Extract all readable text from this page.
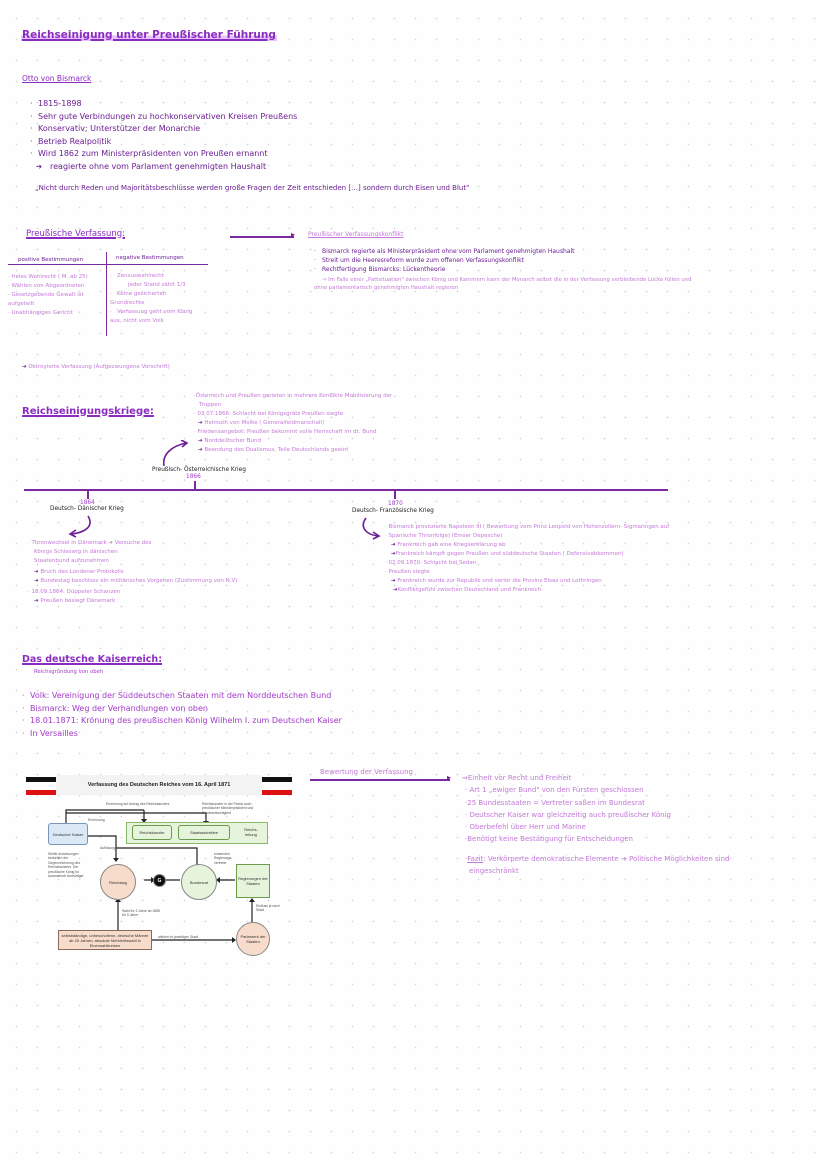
Reichseinigung unter Preußischer Führung
Otto von Bismarck
· 1815-1898
· Sehr gute Verbindungen zu hochkonservativen Kreisen Preußens
· Konservativ; Unterstützer der Monarchie
· Betrieb Realpolitik
· Wird 1862 zum Ministerpräsidenten von Preußen ernannt
➔ reagierte ohne vom Parlament genehmigten Haushalt
„Nicht durch Reden und Majoritätsbeschlüsse werden große Fragen der Zeit entschieden […] sondern durch Eisen und Blut"
Preußische Verfassung:
positive Bestimmungen	negative Bestimmungen
· freies Wahlrecht ( M. ab 25)
· Wählen von Abgeordneten
· Gesetzgebende Gewalt ist aufgeteilt
· Unabhängiges Gericht
·   Zensuswahlrecht
jeder Stand zählt 1/3
·   Keine gesicherten Grundrechte
·   Verfassung geht vom König aus, nicht vom Volk
➔ Oktroyierte Verfassung (Aufgezwungene Vorschrift)
▸ Preußischer Verfassungskonflikt
· Bismarck regierte als Ministerpräsident ohne vom Parlament genehmigten Haushalt
· Streit um die Heeresreform wurde zum offenen Verfassungskonflikt
· Rechtfertigung Bismarcks: Lückentheorie
⇒ Im Falle einer „Pattsituation" zwischen König und Kammern kann der Monarch selbst die in der Verfassung verbleibende Lücke füllen und
ohne parlamentarisch genehmigten Haushalt regieren
Reichseinigungskriege:
·Österreich und Preußen gerieten in mehrere Konflikte Mobilisierung der
Truppen
· 03.07.1866: Schlacht bei Königsgrätz Preußen siegte
➔ Helmuth von Molke ( Generalfeldmarschall)
· Friedensangebot: Preußen bekommt volle Herrschaft im dt. Bund
➔ Norddeutscher Bund
➔ Beendung des Dualismus, Teile Deutschlands geeint
Preußisch- Österreichische Krieg
1866
1864
Deutsch- Dänischer Krieg
· Thronwechsel in Dänemark ➔ Versuche des
Königs Schleswig in dänischen
Staatenbund aufzunehmen
➔ Bruch des Londoner Protokolls
➔ Bundestag beschloss ein militärisches Vorgehen (Zustimmung von N.V)
· 18.09.1864: Düppeler Schanzen
➔ Preußen besiegt Dänemark
1870
Deutsch- Französische Krieg
· Bismarck provozierte Napoleon III ( Bewerbung vom Prinz Leopold von Hohenzollern- Sigmaringen auf
· Spanische Thronfolge) (Emser Depesche)
➔ Frankreich gab eine Kriegserklärung ab
➔Frankreich kämpft gegen Preußen und süddeutsche Staaten ( Defensivabkommen)
· 02.09.1870: Schlacht bei Sedan
· Preußen siegte
➔ Frankreich wurde zur Republik und verlor die Provinz Elsas und Lothringen
➔Konfliktgefühl zwischen Deutschland und Frankreich
Das deutsche Kaiserreich:
Reichsgründung von oben
· Volk: Vereinigung der Süddeutschen Staaten mit dem Norddeutschen Bund
· Bismarck: Weg der Verhandlungen von oben
· 18.01.1871: Krönung des preußischen König Wilhelm I. zum Deutschen Kaiser
· In Versailles
Verfassung des Deutschen Reiches vom 16. April 1871
Ernennung auf Antrag des Reichskanzlers	Reichskanzler in der Praxis auch preußischer Ministerpräsident und Bundesratsmitglied
Ernennung
Deutscher Kaiser	Reichskanzler	Staatssekretäre
Reichs-leitung
Auflösung
Stellte Anweisungen bedurften der Gegenzeichnung des Reichskanzlers. Der preußische König ist automatisch Amtsträger
entsenden Regierungs-vertreter
Reichstag	G	Bundesrat
Regierungen der Staaten
Wahl für 3 Jahre ab 1888 für 5 Jahre
Einfluss je nach Staat
selbstständige, unbescholtene, deutsche Männer ab 25 Jahren; absolute Mehrheitswahl in Einerwahlkreisen
wählen im jeweiligen Staat	Parlament der Staaten
Bewertung der Verfassung
▸ ⇒Einheit vor Recht und Freiheit
· Art 1 „ewiger Bund" von den Fürsten geschlossen
·25 Bundesstaaten = Vertreter saßen im Bundesrat
· Deutscher Kaiser war gleichzeitig auch preußischer König
· Oberbefehl über Herr und Marine
·Benötigt keine Bestätigung für Entscheidungen
·Fazit: Verkörperte demokratische Elemente ➔ Politische Möglichkeiten sind
eingeschränkt
